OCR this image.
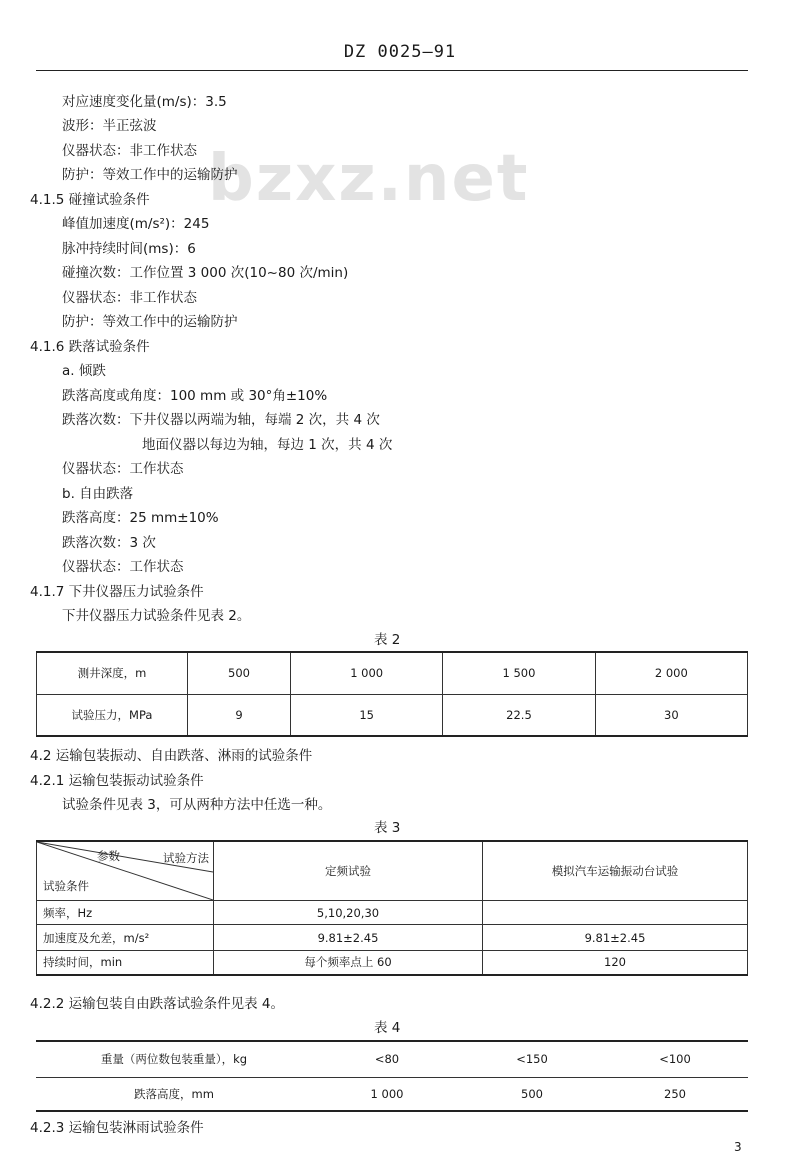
DZ 0025—91
bzxz.net
对应速度变化量(m/s)：3.5
波形：半正弦波
仪器状态：非工作状态
防护：等效工作中的运输防护
4.1.5 碰撞试验条件
峰值加速度(m/s²)：245
脉冲持续时间(ms)：6
碰撞次数：工作位置 3 000 次(10~80 次/min)
仪器状态：非工作状态
防护：等效工作中的运输防护
4.1.6 跌落试验条件
a. 倾跌
跌落高度或角度：100 mm 或 30°角±10%
跌落次数：下井仪器以两端为轴，每端 2 次，共 4 次
地面仪器以每边为轴，每边 1 次，共 4 次
仪器状态：工作状态
b. 自由跌落
跌落高度：25 mm±10%
跌落次数：3 次
仪器状态：工作状态
4.1.7 下井仪器压力试验条件
下井仪器压力试验条件见表 2。
表 2
测井深度，m	500	1 000	1 500	2 000
试验压力，MPa	9	15	22.5	30
4.2 运输包装振动、自由跌落、淋雨的试验条件
4.2.1 运输包装振动试验条件
试验条件见表 3，可从两种方法中任选一种。
表 3
参数 试验方法
试验条件	定频试验	模拟汽车运输振动台试验
频率，Hz	5,10,20,30	
加速度及允差，m/s²	9.81±2.45	9.81±2.45
持续时间，min	每个频率点上 60	120
4.2.2 运输包装自由跌落试验条件见表 4。
表 4
重量（两位数包装重量），kg	<80	<150	<100
跌落高度，mm	1 000	500	250
4.2.3 运输包装淋雨试验条件
3
